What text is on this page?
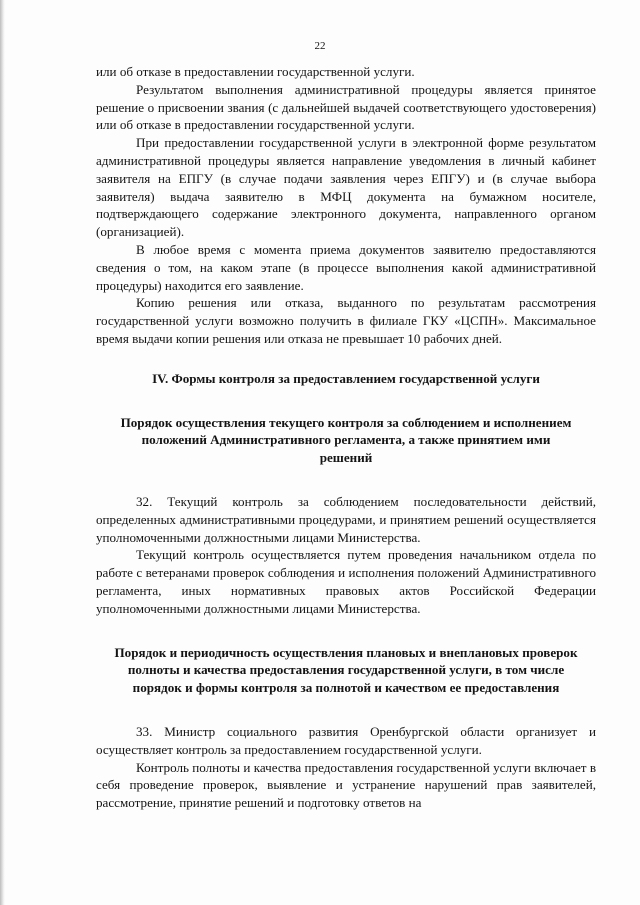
22

или об отказе в предоставлении государственной услуги.

Результатом выполнения административной процедуры является принятое решение о присвоении звания (с дальнейшей выдачей соответствующего удостоверения) или об отказе в предоставлении государственной услуги.

При предоставлении государственной услуги в электронной форме результатом административной процедуры является направление уведомления в личный кабинет заявителя на ЕПГУ (в случае подачи заявления через ЕПГУ) и (в случае выбора заявителя) выдача заявителю в МФЦ документа на бумажном носителе, подтверждающего содержание электронного документа, направленного органом (организацией).

В любое время с момента приема документов заявителю предоставляются сведения о том, на каком этапе (в процессе выполнения какой административной процедуры) находится его заявление.

Копию решения или отказа, выданного по результатам рассмотрения государственной услуги возможно получить в филиале ГКУ «ЦСПН». Максимальное время выдачи копии решения или отказа не превышает 10 рабочих дней.

IV. Формы контроля за предоставлением государственной услуги

Порядок осуществления текущего контроля за соблюдением и исполнением положений Административного регламента, а также принятием ими решений

32. Текущий контроль за соблюдением последовательности действий, определенных административными процедурами, и принятием решений осуществляется уполномоченными должностными лицами Министерства.

Текущий контроль осуществляется путем проведения начальником отдела по работе с ветеранами проверок соблюдения и исполнения положений Административного регламента, иных нормативных правовых актов Российской Федерации уполномоченными должностными лицами Министерства.

Порядок и периодичность осуществления плановых и внеплановых проверок полноты и качества предоставления государственной услуги, в том числе порядок и формы контроля за полнотой и качеством ее предоставления

33. Министр социального развития Оренбургской области организует и осуществляет контроль за предоставлением государственной услуги.

Контроль полноты и качества предоставления государственной услуги включает в себя проведение проверок, выявление и устранение нарушений прав заявителей, рассмотрение, принятие решений и подготовку ответов на
